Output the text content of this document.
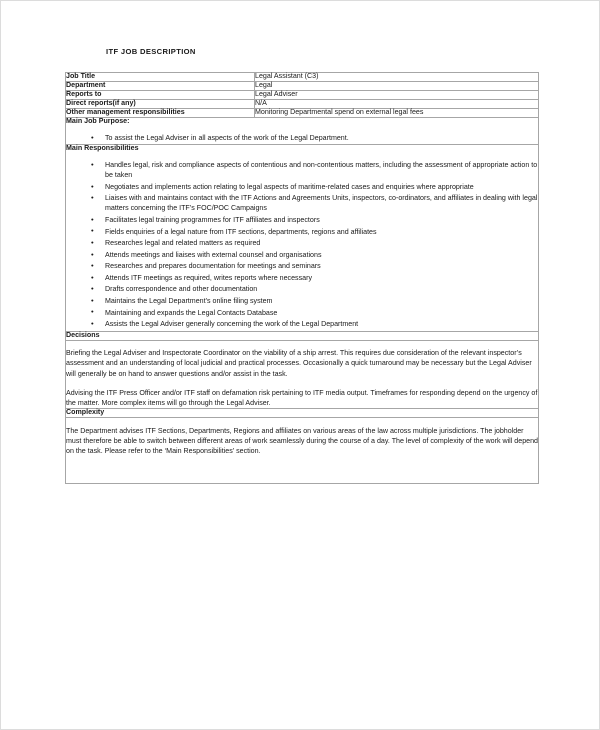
ITF JOB DESCRIPTION
Job Title	Legal Assistant (C3)
Department	Legal
Reports to	Legal Adviser
Direct reports(if any)	N/A
Other management responsibilities	Monitoring Departmental spend on external legal fees

Main Job Purpose:
• To assist the Legal Adviser in all aspects of the work of the Legal Department.

Main Responsibilities
• Handles legal, risk and compliance aspects of contentious and non-contentious matters, including the assessment of appropriate action to be taken
• Negotiates and implements action relating to legal aspects of maritime-related cases and enquiries where appropriate
• Liaises with and maintains contact with the ITF Actions and Agreements Units, inspectors, co-ordinators, and affiliates in dealing with legal matters concerning the ITF’s FOC/POC Campaigns
• Facilitates legal training programmes for ITF affiliates and inspectors
• Fields enquiries of a legal nature from ITF sections, departments, regions and affiliates
• Researches legal and related matters as required
• Attends meetings and liaises with external counsel and organisations
• Researches and prepares documentation for meetings and seminars
• Attends ITF meetings as required, writes reports where necessary
• Drafts correspondence and other documentation
• Maintains the Legal Department’s online filing system
• Maintaining and expands the Legal Contacts Database
• Assists the Legal Adviser generally concerning the work of the Legal Department

Decisions	

Briefing the Legal Adviser and Inspectorate Coordinator on the viability of a ship arrest. This requires due consideration of the relevant inspector’s assessment and an understanding of local judicial and practical processes. Occasionally a quick turnaround may be necessary but the Legal Adviser will generally be on hand to answer questions and/or assist in the task.

Advising the ITF Press Officer and/or ITF staff on defamation risk pertaining to ITF media output. Timeframes for responding depend on the urgency of the matter. More complex items will go through the Legal Adviser.	

Complexity	

The Department advises ITF Sections, Departments, Regions and affiliates on various areas of the law across multiple jurisdictions. The jobholder must therefore be able to switch between different areas of work seamlessly during the course of a day. The level of complexity of the work will depend on the task. Please refer to the ‘Main Responsibilities’ section.	
